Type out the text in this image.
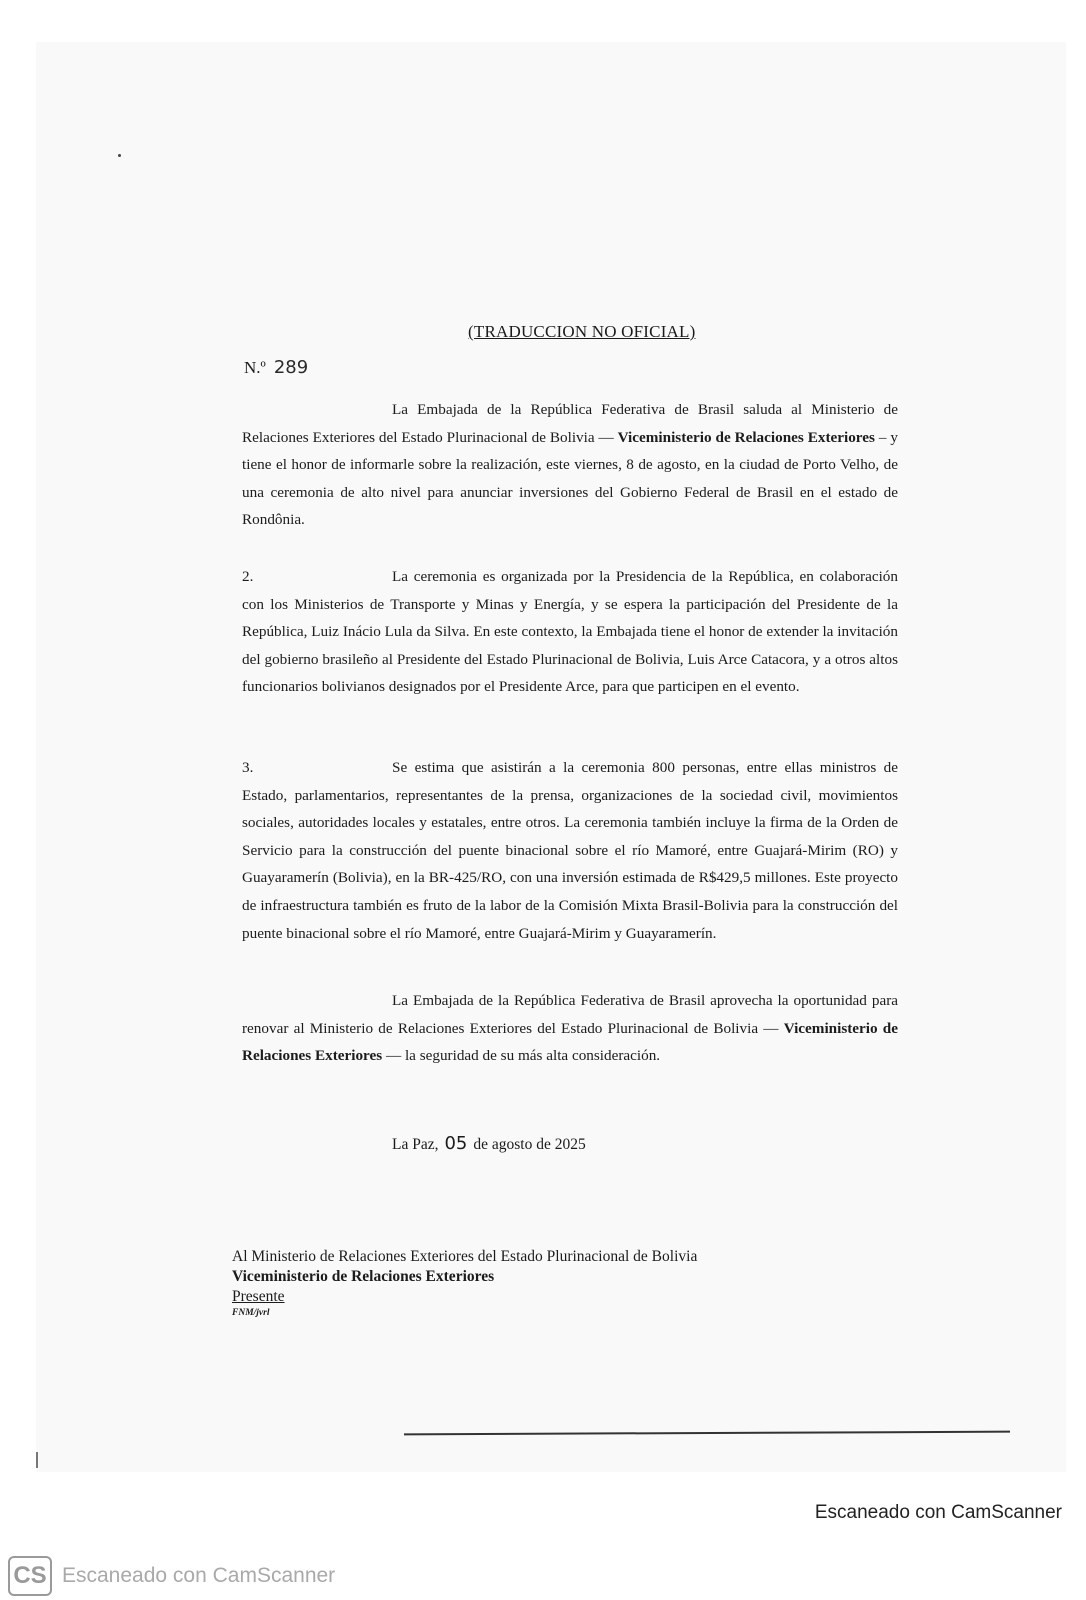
(TRADUCCION NO OFICIAL)
N.º 289
La Embajada de la República Federativa de Brasil saluda al Ministerio de Relaciones Exteriores del Estado Plurinacional de Bolivia — Viceministerio de Relaciones Exteriores – y tiene el honor de informarle sobre la realización, este viernes, 8 de agosto, en la ciudad de Porto Velho, de una ceremonia de alto nivel para anunciar inversiones del Gobierno Federal de Brasil en el estado de Rondônia.
2.	La ceremonia es organizada por la Presidencia de la República, en colaboración con los Ministerios de Transporte y Minas y Energía, y se espera la participación del Presidente de la República, Luiz Inácio Lula da Silva. En este contexto, la Embajada tiene el honor de extender la invitación del gobierno brasileño al Presidente del Estado Plurinacional de Bolivia, Luis Arce Catacora, y a otros altos funcionarios bolivianos designados por el Presidente Arce, para que participen en el evento.
3.	Se estima que asistirán a la ceremonia 800 personas, entre ellas ministros de Estado, parlamentarios, representantes de la prensa, organizaciones de la sociedad civil, movimientos sociales, autoridades locales y estatales, entre otros. La ceremonia también incluye la firma de la Orden de Servicio para la construcción del puente binacional sobre el río Mamoré, entre Guajará-Mirim (RO) y Guayaramerín (Bolivia), en la BR-425/RO, con una inversión estimada de R$429,5 millones. Este proyecto de infraestructura también es fruto de la labor de la Comisión Mixta Brasil-Bolivia para la construcción del puente binacional sobre el río Mamoré, entre Guajará-Mirim y Guayaramerín.
La Embajada de la República Federativa de Brasil aprovecha la oportunidad para renovar al Ministerio de Relaciones Exteriores del Estado Plurinacional de Bolivia — Viceministerio de Relaciones Exteriores — la seguridad de su más alta consideración.
La Paz, 05 de agosto de 2025
Al Ministerio de Relaciones Exteriores del Estado Plurinacional de Bolivia
Viceministerio de Relaciones Exteriores
Presente
FNM/jvrl
Escaneado con CamScanner
CS Escaneado con CamScanner
